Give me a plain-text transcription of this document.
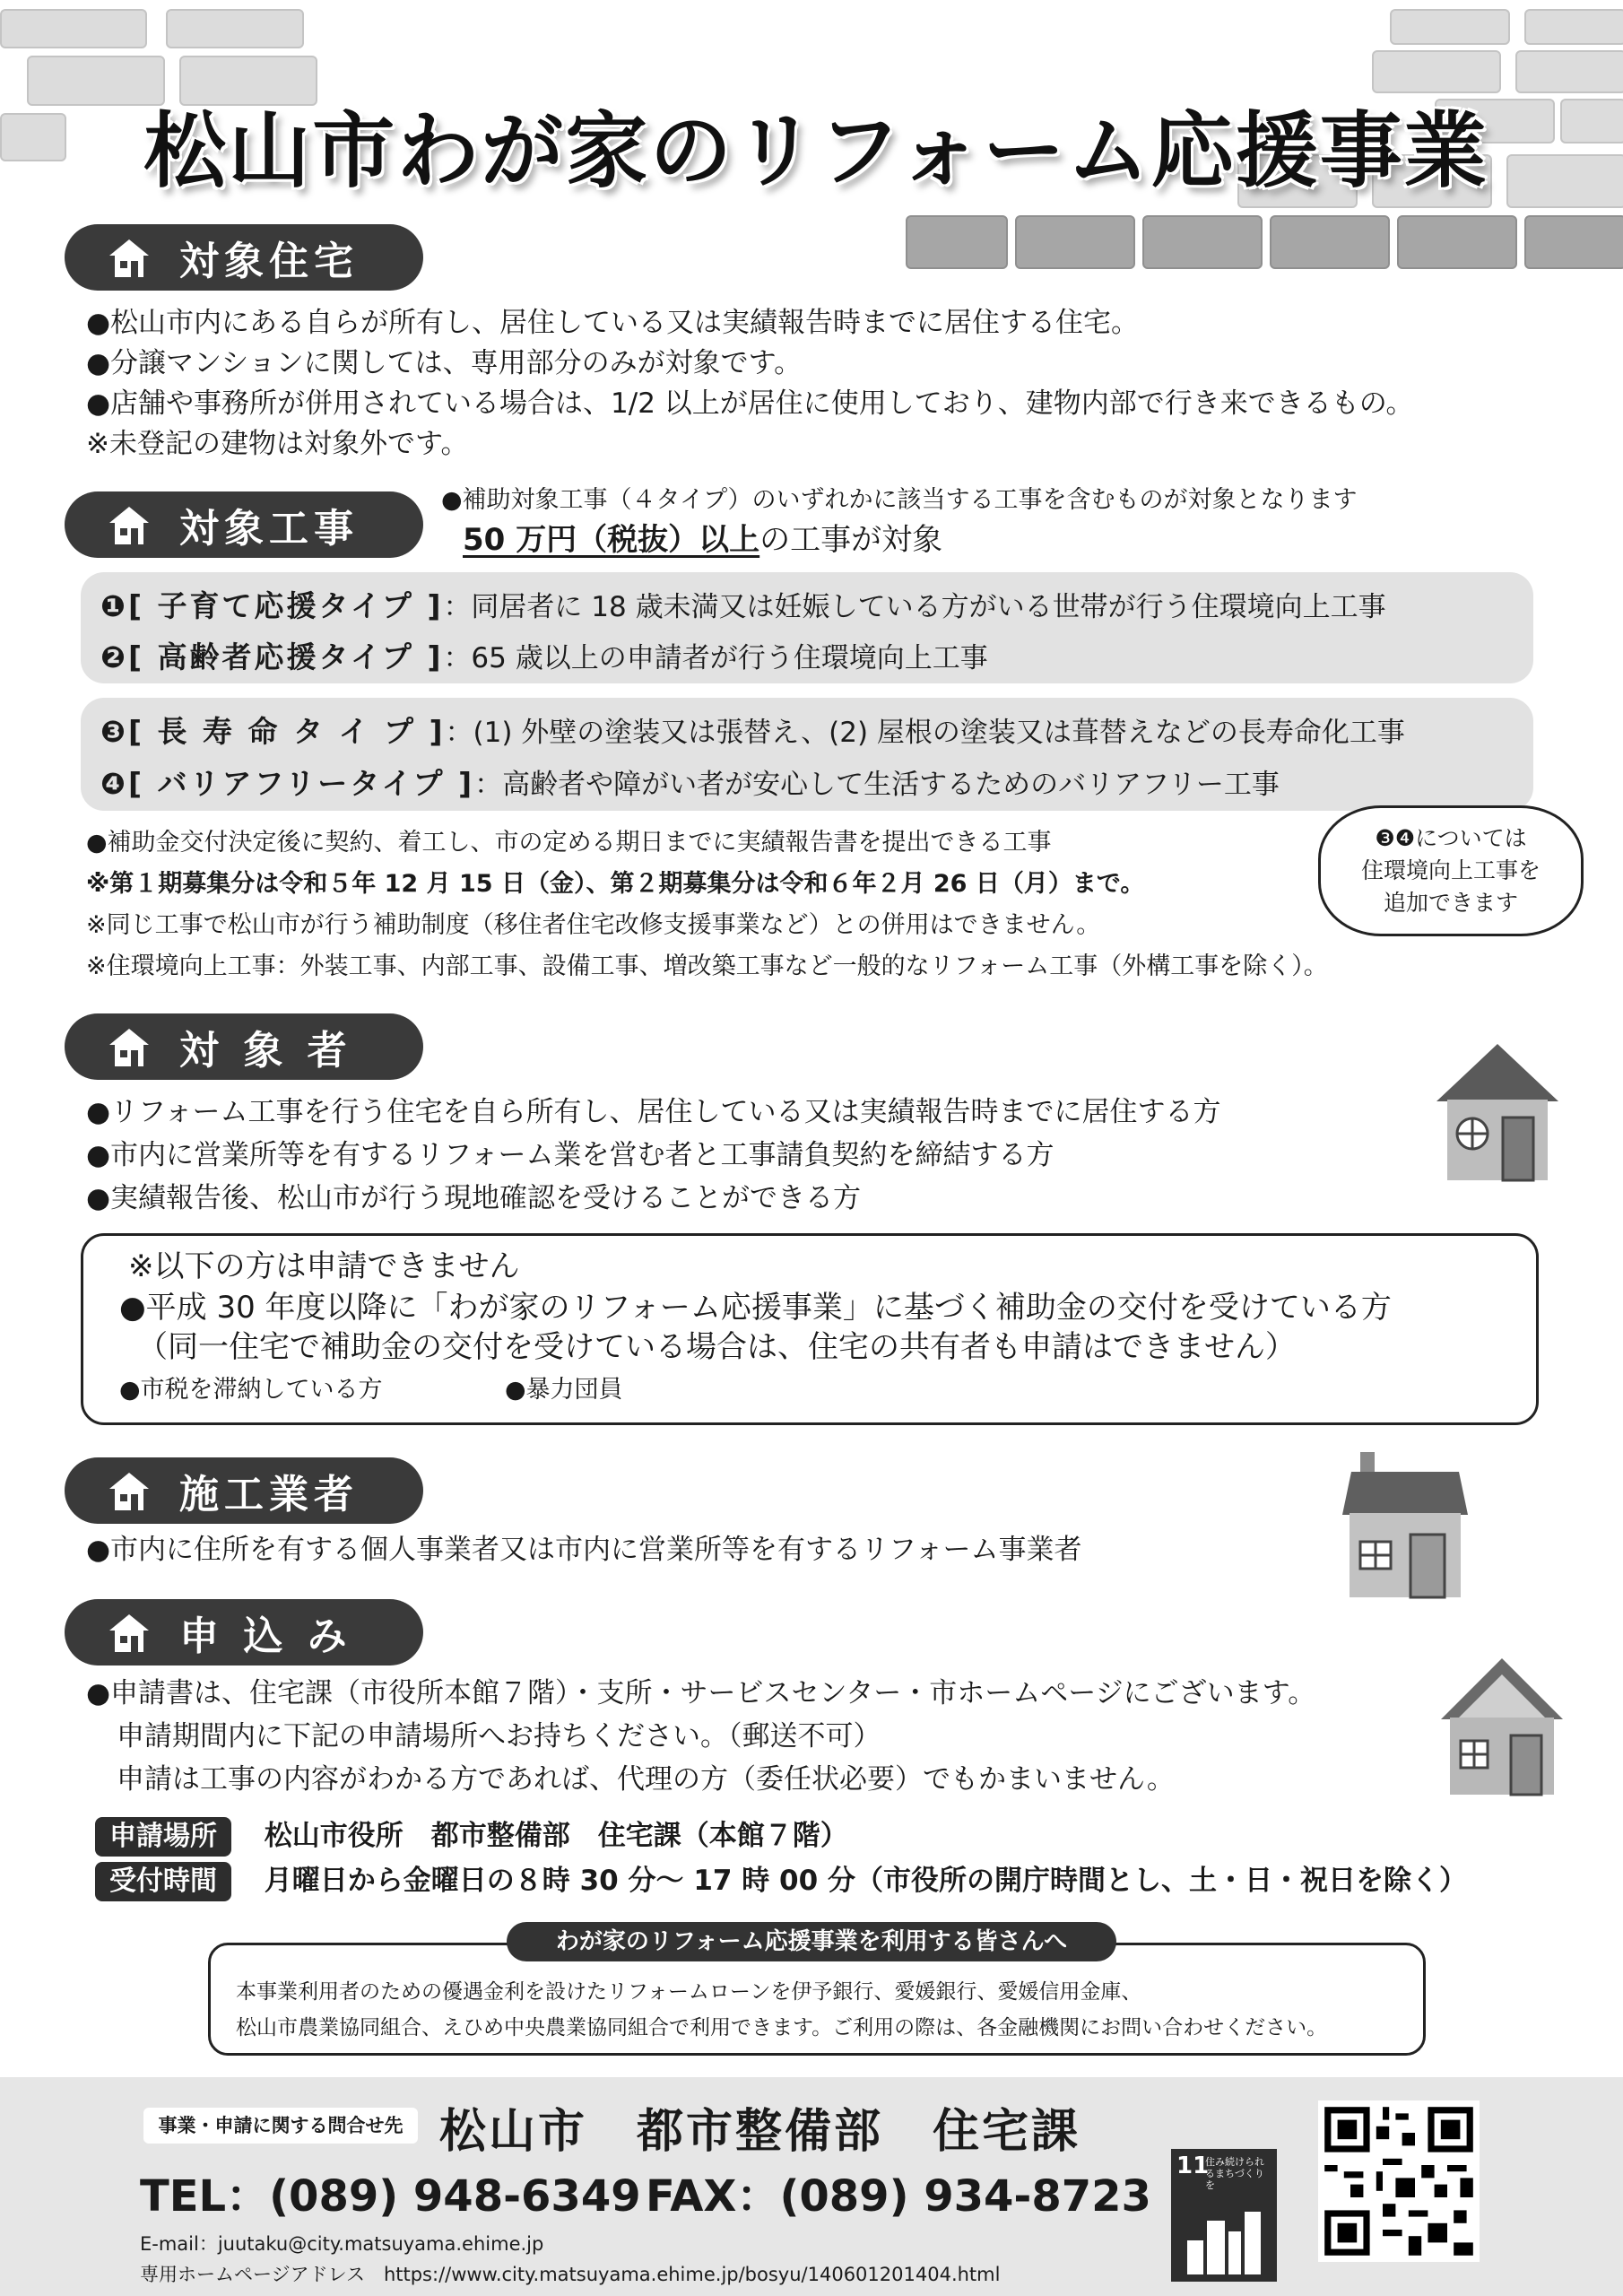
松山市わが家のリフォーム応援事業
対象住宅
●松山市内にある自らが所有し、居住している又は実績報告時までに居住する住宅。
●分譲マンションに関しては、専用部分のみが対象です。
●店舗や事務所が併用されている場合は、1/2 以上が居住に使用しており、建物内部で行き来できるもの。
※未登記の建物は対象外です。
対象工事
●補助対象工事（４タイプ）のいずれかに該当する工事を含むものが対象となります
50 万円（税抜）以上の工事が対象
❶[ 子育て応援タイプ ]：同居者に 18 歳未満又は妊娠している方がいる世帯が行う住環境向上工事
❷[ 高齢者応援タイプ ]：65 歳以上の申請者が行う住環境向上工事
❸[ 長 寿 命 タ イ プ ]：(1) 外壁の塗装又は張替え、(2) 屋根の塗装又は葺替えなどの長寿命化工事
❹[ バリアフリータイプ ]：高齢者や障がい者が安心して生活するためのバリアフリー工事
❸❹については
住環境向上工事を
追加できます
●補助金交付決定後に契約、着工し、市の定める期日までに実績報告書を提出できる工事
※第１期募集分は令和５年 12 月 15 日（金）、第２期募集分は令和６年２月 26 日（月）まで。
※同じ工事で松山市が行う補助制度（移住者住宅改修支援事業など）との併用はできません。
※住環境向上工事：外装工事、内部工事、設備工事、増改築工事など一般的なリフォーム工事（外構工事を除く）。
対 象 者
●リフォーム工事を行う住宅を自ら所有し、居住している又は実績報告時までに居住する方
●市内に営業所等を有するリフォーム業を営む者と工事請負契約を締結する方
●実績報告後、松山市が行う現地確認を受けることができる方
※以下の方は申請できません
●平成 30 年度以降に「わが家のリフォーム応援事業」に基づく補助金の交付を受けている方
（同一住宅で補助金の交付を受けている場合は、住宅の共有者も申請はできません）
●市税を滞納している方	●暴力団員
施工業者
●市内に住所を有する個人事業者又は市内に営業所等を有するリフォーム事業者
申 込 み
●申請書は、住宅課（市役所本館７階）・支所・サービスセンター・市ホームページにございます。
申請期間内に下記の申請場所へお持ちください。（郵送不可）
申請は工事の内容がわかる方であれば、代理の方（委任状必要）でもかまいません。
申請場所 松山市役所　都市整備部　住宅課（本館７階）
受付時間 月曜日から金曜日の８時 30 分～ 17 時 00 分（市役所の開庁時間とし、土・日・祝日を除く）
わが家のリフォーム応援事業を利用する皆さんへ
本事業利用者のための優遇金利を設けたリフォームローンを伊予銀行、愛媛銀行、愛媛信用金庫、
松山市農業協同組合、えひめ中央農業協同組合で利用できます。ご利用の際は、各金融機関にお問い合わせください。
事業・申請に関する問合せ先 松山市　都市整備部　住宅課
TEL：(089) 948-6349 FAX：(089) 934-8723
E-mail：juutaku@city.matsuyama.ehime.jp
専用ホームページアドレス　https://www.city.matsuyama.ehime.jp/bosyu/140601201404.html
11
住み続けられるまちづくりを
